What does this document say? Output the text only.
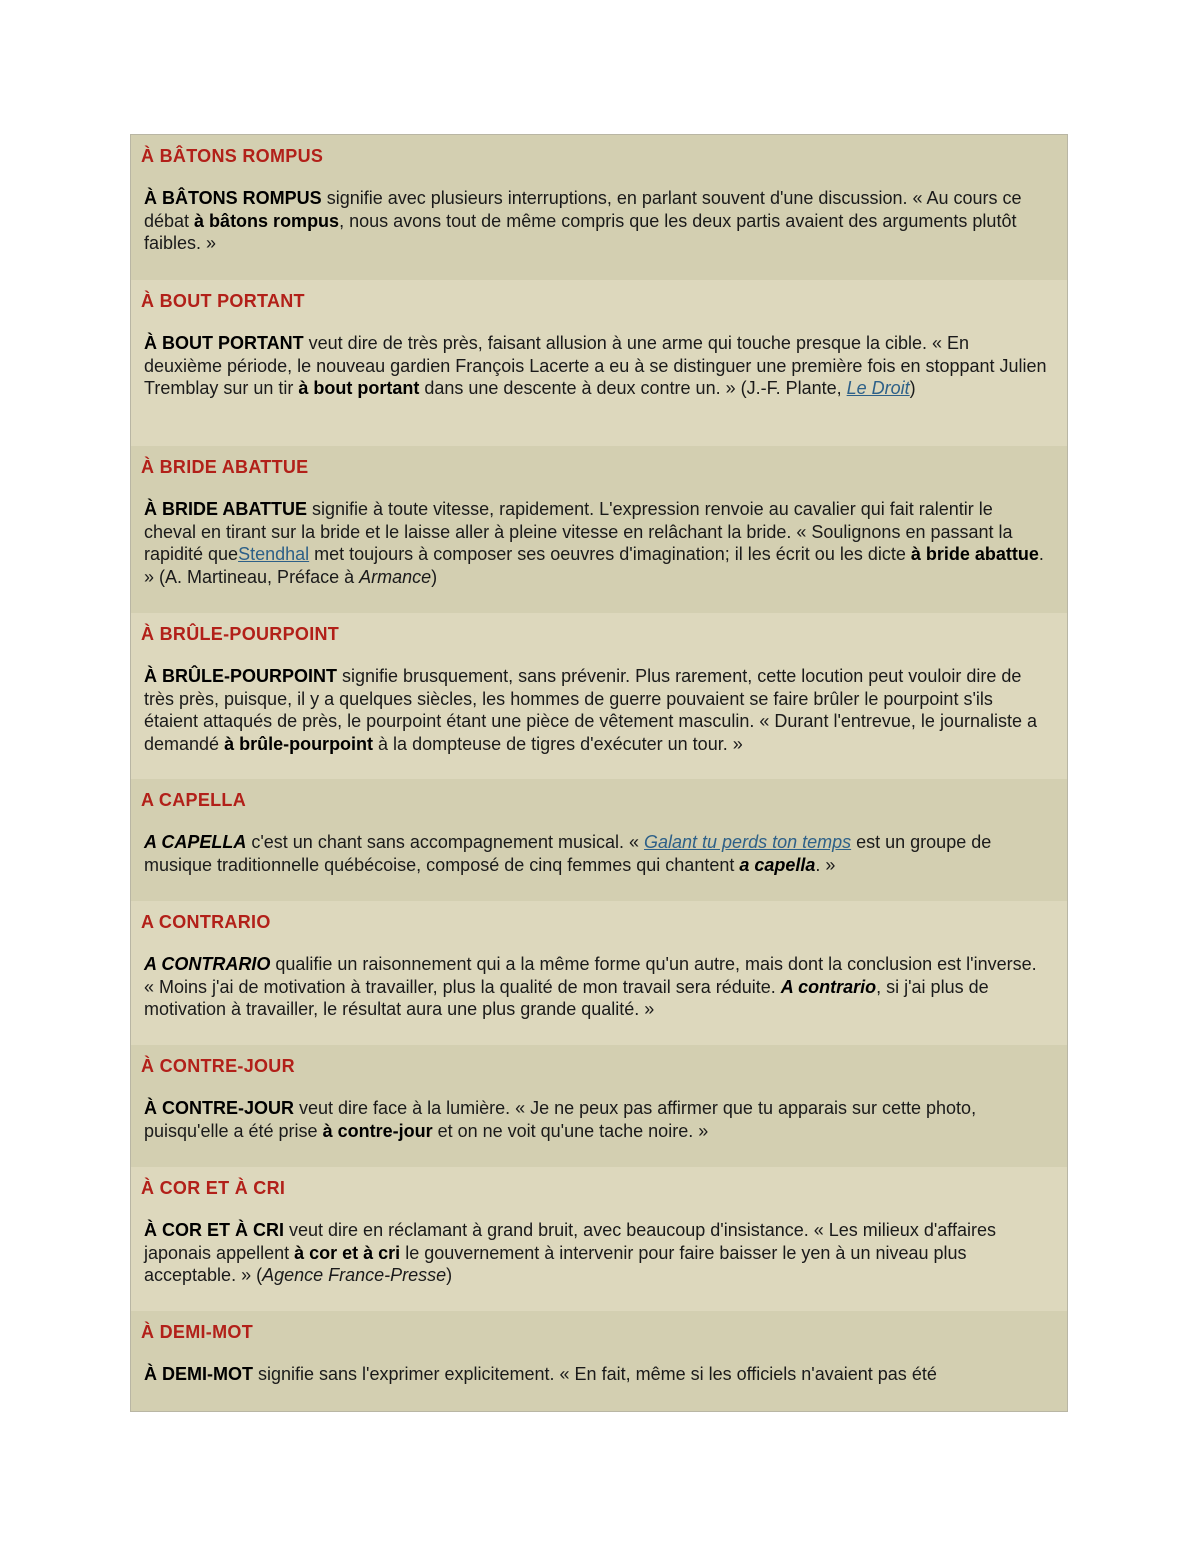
À BÂTONS ROMPUS
À BÂTONS ROMPUS signifie avec plusieurs interruptions, en parlant souvent d'une discussion. « Au cours ce débat à bâtons rompus, nous avons tout de même compris que les deux partis avaient des arguments plutôt faibles. »
À BOUT PORTANT
À BOUT PORTANT veut dire de très près, faisant allusion à une arme qui touche presque la cible. « En deuxième période, le nouveau gardien François Lacerte a eu à se distinguer une première fois en stoppant Julien Tremblay sur un tir à bout portant dans une descente à deux contre un. » (J.-F. Plante, Le Droit)
À BRIDE ABATTUE
À BRIDE ABATTUE signifie à toute vitesse, rapidement. L'expression renvoie au cavalier qui fait ralentir le cheval en tirant sur la bride et le laisse aller à pleine vitesse en relâchant la bride. « Soulignons en passant la rapidité queStendhal met toujours à composer ses oeuvres d'imagination; il les écrit ou les dicte à bride abattue. » (A. Martineau, Préface à Armance)
À BRÛLE-POURPOINT
À BRÛLE-POURPOINT signifie brusquement, sans prévenir. Plus rarement, cette locution peut vouloir dire de très près, puisque, il y a quelques siècles, les hommes de guerre pouvaient se faire brûler le pourpoint s'ils étaient attaqués de près, le pourpoint étant une pièce de vêtement masculin. « Durant l'entrevue, le journaliste a demandé à brûle-pourpoint à la dompteuse de tigres d'exécuter un tour. »
A CAPELLA
A CAPELLA c'est un chant sans accompagnement musical. « Galant tu perds ton temps est un groupe de musique traditionnelle québécoise, composé de cinq femmes qui chantent a capella. »
A CONTRARIO
A CONTRARIO qualifie un raisonnement qui a la même forme qu'un autre, mais dont la conclusion est l'inverse. « Moins j'ai de motivation à travailler, plus la qualité de mon travail sera réduite. A contrario, si j'ai plus de motivation à travailler, le résultat aura une plus grande qualité. »
À CONTRE-JOUR
À CONTRE-JOUR veut dire face à la lumière. « Je ne peux pas affirmer que tu apparais sur cette photo, puisqu'elle a été prise à contre-jour et on ne voit qu'une tache noire. »
À COR ET À CRI
À COR ET À CRI veut dire en réclamant à grand bruit, avec beaucoup d'insistance. « Les milieux d'affaires japonais appellent à cor et à cri le gouvernement à intervenir pour faire baisser le yen à un niveau plus acceptable. » (Agence France-Presse)
À DEMI-MOT
À DEMI-MOT signifie sans l'exprimer explicitement. « En fait, même si les officiels n'avaient pas été
